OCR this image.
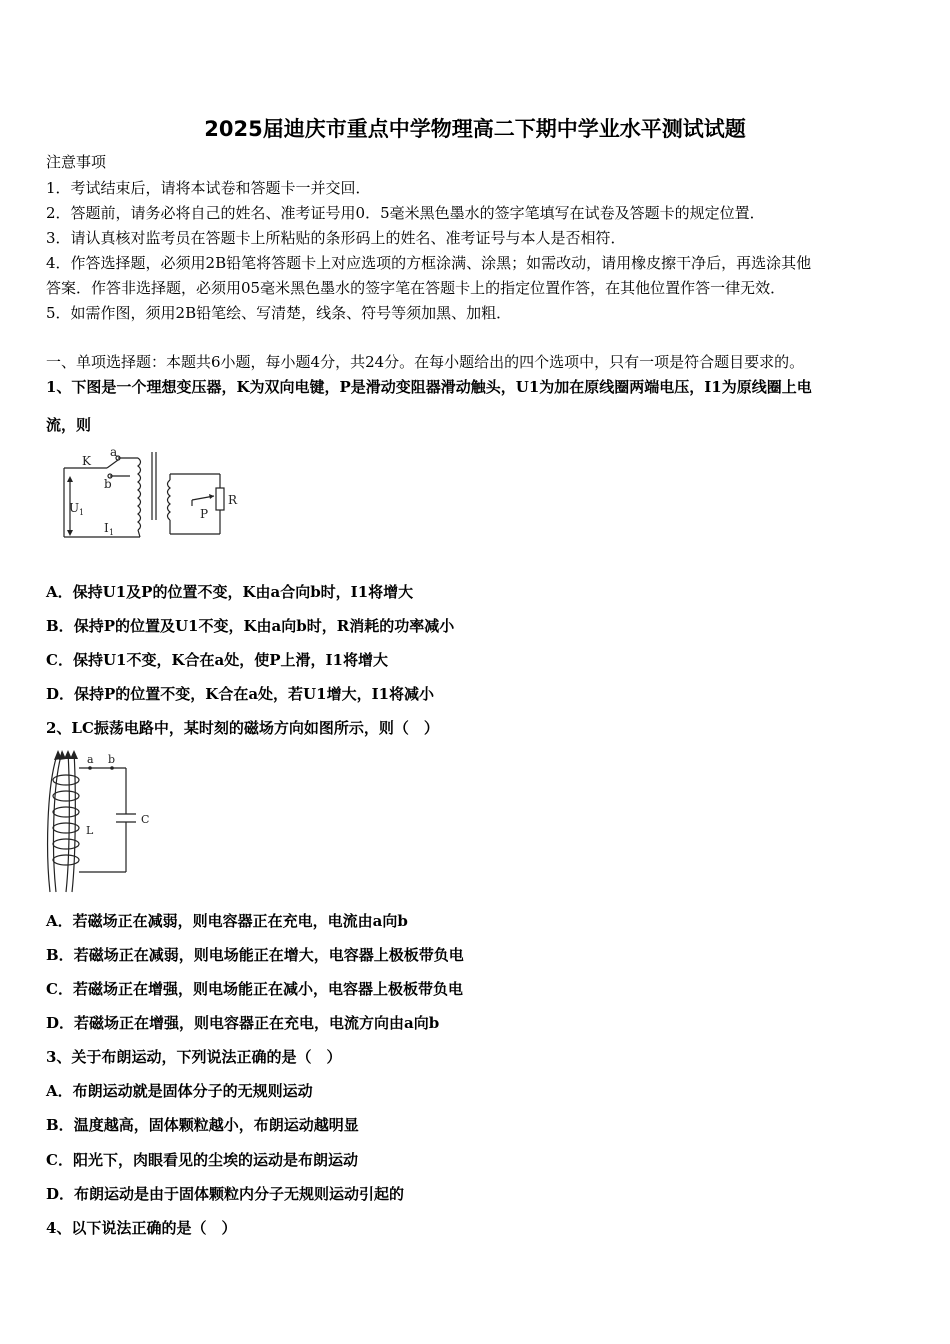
2025届迪庆市重点中学物理高二下期中学业水平测试试题
注意事项
1．考试结束后，请将本试卷和答题卡一并交回．
2．答题前，请务必将自己的姓名、准考证号用0．5毫米黑色墨水的签字笔填写在试卷及答题卡的规定位置．
3．请认真核对监考员在答题卡上所粘贴的条形码上的姓名、准考证号与本人是否相符．
4．作答选择题，必须用2B铅笔将答题卡上对应选项的方框涂满、涂黑；如需改动，请用橡皮擦干净后，再选涂其他
答案．作答非选择题，必须用05毫米黑色墨水的签字笔在答题卡上的指定位置作答，在其他位置作答一律无效．
5．如需作图，须用2B铅笔绘、写清楚，线条、符号等须加黑、加粗．
一、单项选择题：本题共6小题，每小题4分，共24分。在每小题给出的四个选项中，只有一项是符合题目要求的。
1、下图是一个理想变压器，K为双向电键，P是滑动变阻器滑动触头，U1为加在原线圈两端电压，I1为原线圈上电
流，则
K
a
b
U 1
I 1
P
R
A．保持U1及P的位置不变，K由a合向b时，I1将增大
B．保持P的位置及U1不变，K由a向b时，R消耗的功率减小
C．保持U1不变，K合在a处，使P上滑，I1将增大
D．保持P的位置不变，K合在a处，若U1增大，I1将减小
2、LC振荡电路中，某时刻的磁场方向如图所示，则（　）
a b
L
C
A．若磁场正在减弱，则电容器正在充电，电流由a向b
B．若磁场正在减弱，则电场能正在增大，电容器上极板带负电
C．若磁场正在增强，则电场能正在减小，电容器上极板带负电
D．若磁场正在增强，则电容器正在充电，电流方向由a向b
3、关于布朗运动，下列说法正确的是（　）
A．布朗运动就是固体分子的无规则运动
B．温度越高，固体颗粒越小，布朗运动越明显
C．阳光下，肉眼看见的尘埃的运动是布朗运动
D．布朗运动是由于固体颗粒内分子无规则运动引起的
4、以下说法正确的是（　）
